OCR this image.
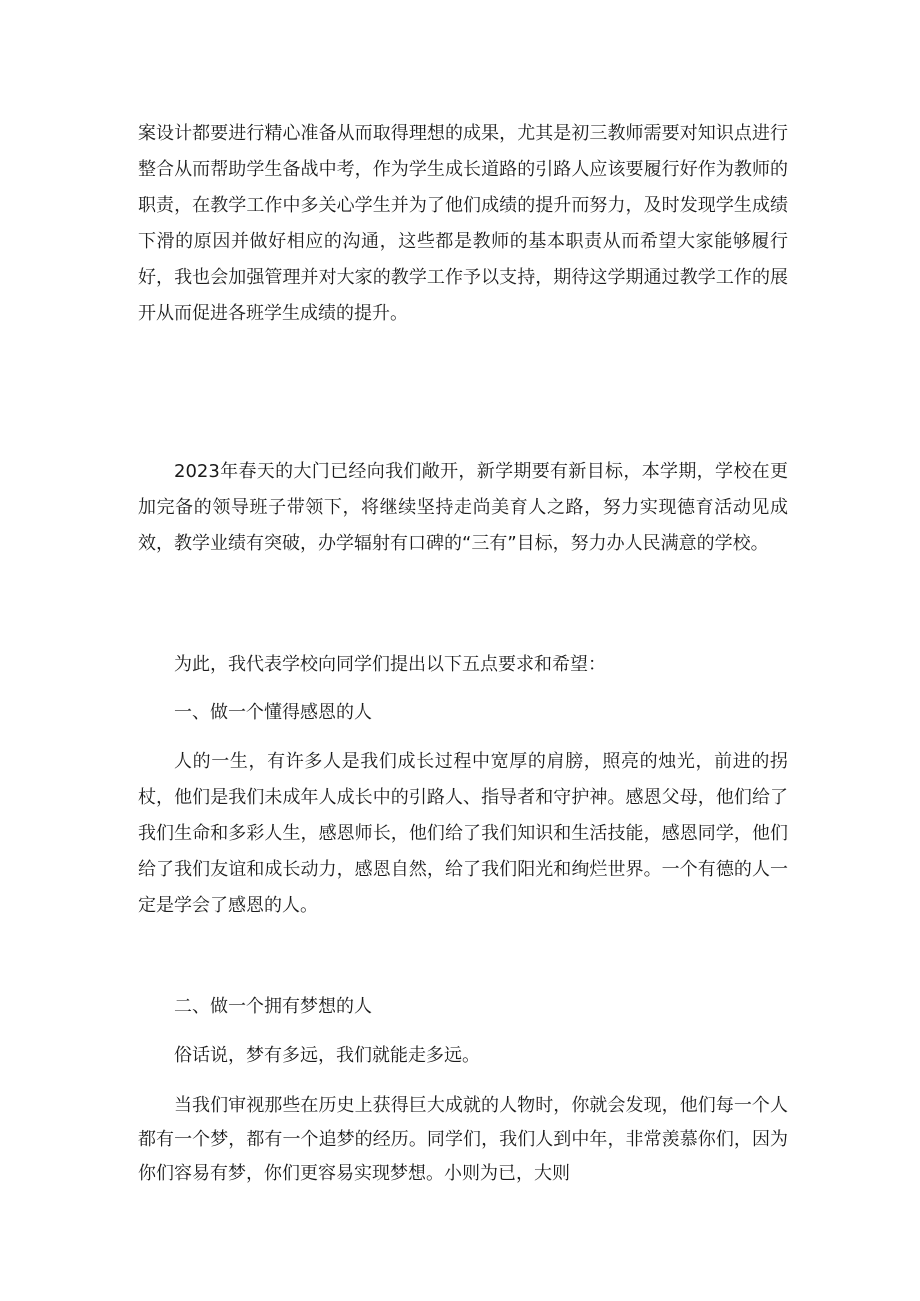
案设计都要进行精心准备从而取得理想的成果，尤其是初三教师需要对知识点进行整合从而帮助学生备战中考，作为学生成长道路的引路人应该要履行好作为教师的职责，在教学工作中多关心学生并为了他们成绩的提升而努力，及时发现学生成绩下滑的原因并做好相应的沟通，这些都是教师的基本职责从而希望大家能够履行好，我也会加强管理并对大家的教学工作予以支持，期待这学期通过教学工作的展开从而促进各班学生成绩的提升。

2023年春天的大门已经向我们敞开，新学期要有新目标，本学期，学校在更加完备的领导班子带领下，将继续坚持走尚美育人之路，努力实现德育活动见成效，教学业绩有突破，办学辐射有口碑的“三有”目标，努力办人民满意的学校。

为此，我代表学校向同学们提出以下五点要求和希望：

一、做一个懂得感恩的人

人的一生，有许多人是我们成长过程中宽厚的肩膀，照亮的烛光，前进的拐杖，他们是我们未成年人成长中的引路人、指导者和守护神。感恩父母，他们给了我们生命和多彩人生，感恩师长，他们给了我们知识和生活技能，感恩同学，他们给了我们友谊和成长动力，感恩自然，给了我们阳光和绚烂世界。一个有德的人一定是学会了感恩的人。

二、做一个拥有梦想的人

俗话说，梦有多远，我们就能走多远。

当我们审视那些在历史上获得巨大成就的人物时，你就会发现，他们每一个人都有一个梦，都有一个追梦的经历。同学们，我们人到中年，非常羡慕你们，因为你们容易有梦，你们更容易实现梦想。小则为已，大则
